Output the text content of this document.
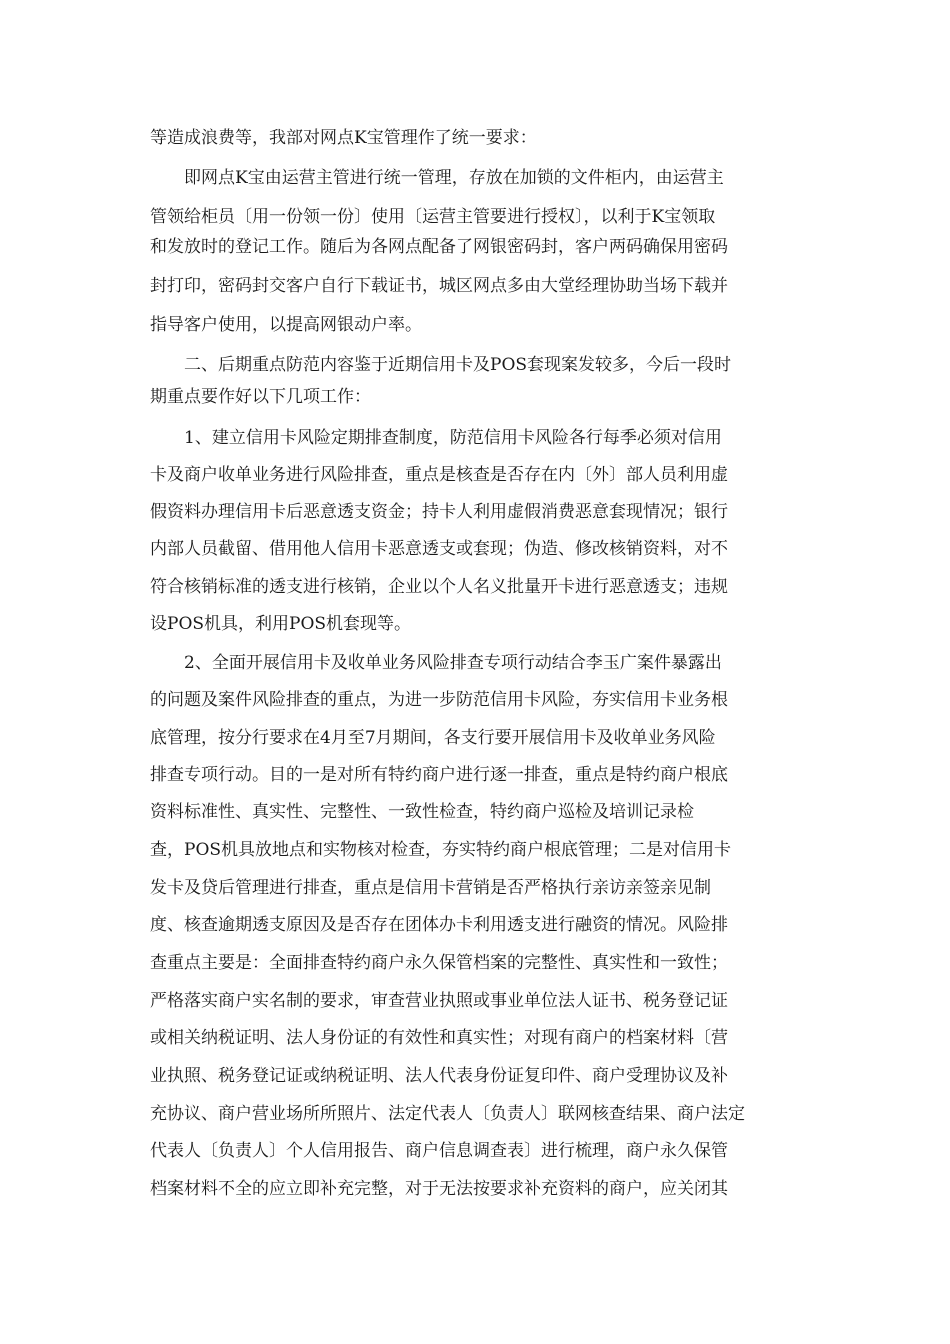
等造成浪费等，我部对网点K宝管理作了统一要求：

即网点K宝由运营主管进行统一管理，存放在加锁的文件柜内，由运营主

管领给柜员〔用一份领一份〕使用〔运营主管要进行授权〕，以利于K宝领取

和发放时的登记工作。随后为各网点配备了网银密码封，客户两码确保用密码

封打印，密码封交客户自行下载证书，城区网点多由大堂经理协助当场下载并

指导客户使用，以提高网银动户率。

二、后期重点防范内容鉴于近期信用卡及POS套现案发较多，今后一段时

期重点要作好以下几项工作：

1、建立信用卡风险定期排查制度，防范信用卡风险各行每季必须对信用

卡及商户收单业务进行风险排查，重点是核查是否存在内〔外〕部人员利用虚

假资料办理信用卡后恶意透支资金；持卡人利用虚假消费恶意套现情况；银行

内部人员截留、借用他人信用卡恶意透支或套现；伪造、修改核销资料，对不

符合核销标准的透支进行核销，企业以个人名义批量开卡进行恶意透支；违规

设POS机具，利用POS机套现等。

2、全面开展信用卡及收单业务风险排查专项行动结合李玉广案件暴露出

的问题及案件风险排查的重点，为进一步防范信用卡风险，夯实信用卡业务根

底管理，按分行要求在4月至7月期间，各支行要开展信用卡及收单业务风险

排查专项行动。目的一是对所有特约商户进行逐一排查，重点是特约商户根底

资料标准性、真实性、完整性、一致性检查，特约商户巡检及培训记录检

查，POS机具放地点和实物核对检查，夯实特约商户根底管理；二是对信用卡

发卡及贷后管理进行排查，重点是信用卡营销是否严格执行亲访亲签亲见制

度、核查逾期透支原因及是否存在团体办卡利用透支进行融资的情况。风险排

查重点主要是：全面排查特约商户永久保管档案的完整性、真实性和一致性；

严格落实商户实名制的要求，审查营业执照或事业单位法人证书、税务登记证

或相关纳税证明、法人身份证的有效性和真实性；对现有商户的档案材料〔营

业执照、税务登记证或纳税证明、法人代表身份证复印件、商户受理协议及补

充协议、商户营业场所所照片、法定代表人〔负责人〕联网核查结果、商户法定

代表人〔负责人〕个人信用报告、商户信息调查表〕进行梳理，商户永久保管

档案材料不全的应立即补充完整，对于无法按要求补充资料的商户，应关闭其
